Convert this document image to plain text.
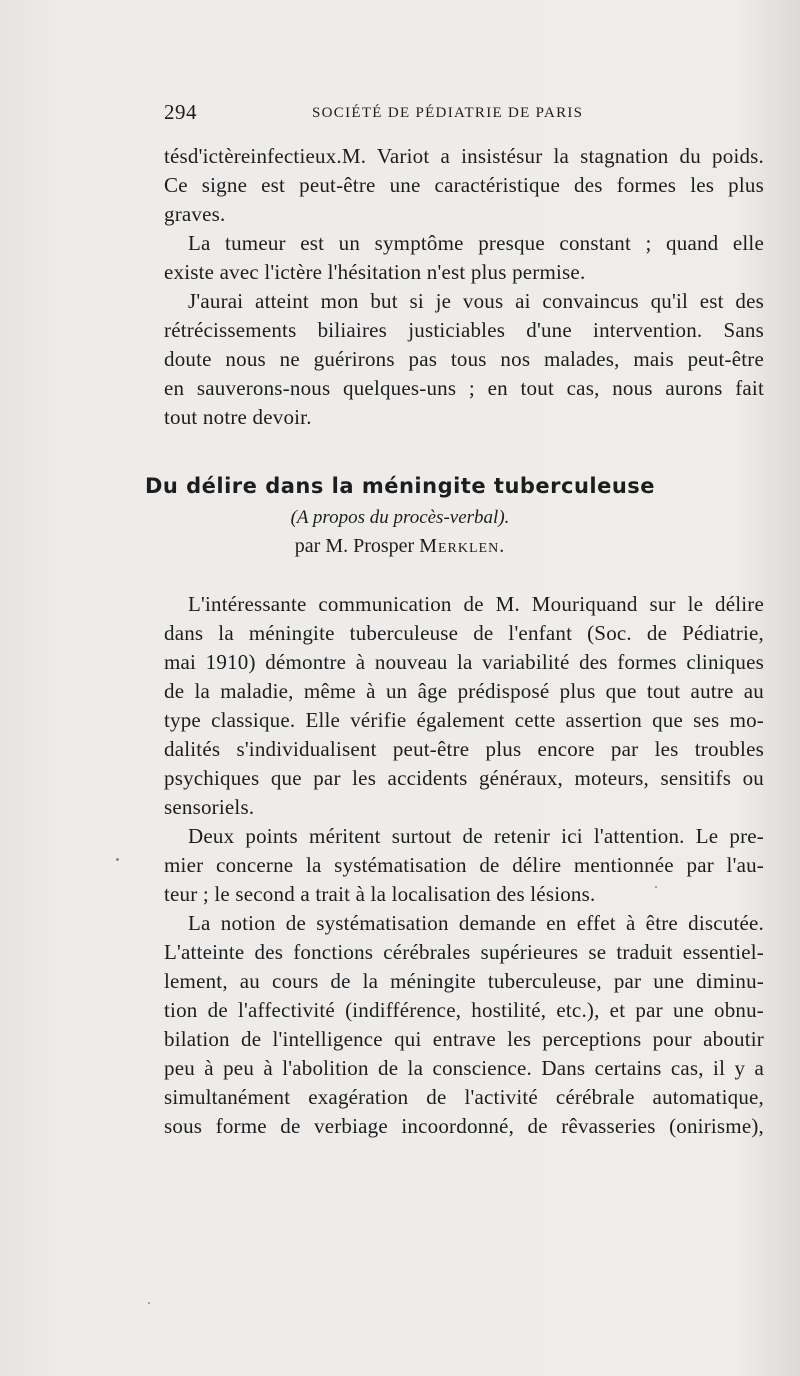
294	SOCIÉTÉ DE PÉDIATRIE DE PARIS
tésd'ictèreinfectieux.M. Variot a insistésur la stagnation du poids.
Ce signe est peut-être une caractéristique des formes les plus
graves.
La tumeur est un symptôme presque constant ; quand elle
existe avec l'ictère l'hésitation n'est plus permise.
J'aurai atteint mon but si je vous ai convaincus qu'il est des
rétrécissements biliaires justiciables d'une intervention. Sans
doute nous ne guérirons pas tous nos malades, mais peut-être
en sauverons-nous quelques-uns ; en tout cas, nous aurons fait
tout notre devoir.
Du délire dans la méningite tuberculeuse
(A propos du procès-verbal).
par M. Prosper Merklen.
L'intéressante communication de M. Mouriquand sur le délire
dans la méningite tuberculeuse de l'enfant (Soc. de Pédiatrie,
mai 1910) démontre à nouveau la variabilité des formes cliniques
de la maladie, même à un âge prédisposé plus que tout autre au
type classique. Elle vérifie également cette assertion que ses mo-
dalités s'individualisent peut-être plus encore par les troubles
psychiques que par les accidents généraux, moteurs, sensitifs ou
sensoriels.
Deux points méritent surtout de retenir ici l'attention. Le pre-
mier concerne la systématisation de délire mentionnée par l'au-
teur ; le second a trait à la localisation des lésions.
La notion de systématisation demande en effet à être discutée.
L'atteinte des fonctions cérébrales supérieures se traduit essentiel-
lement, au cours de la méningite tuberculeuse, par une diminu-
tion de l'affectivité (indifférence, hostilité, etc.), et par une obnu-
bilation de l'intelligence qui entrave les perceptions pour aboutir
peu à peu à l'abolition de la conscience. Dans certains cas, il y a
simultanément exagération de l'activité cérébrale automatique,
sous forme de verbiage incoordonné, de rêvasseries (onirisme),
